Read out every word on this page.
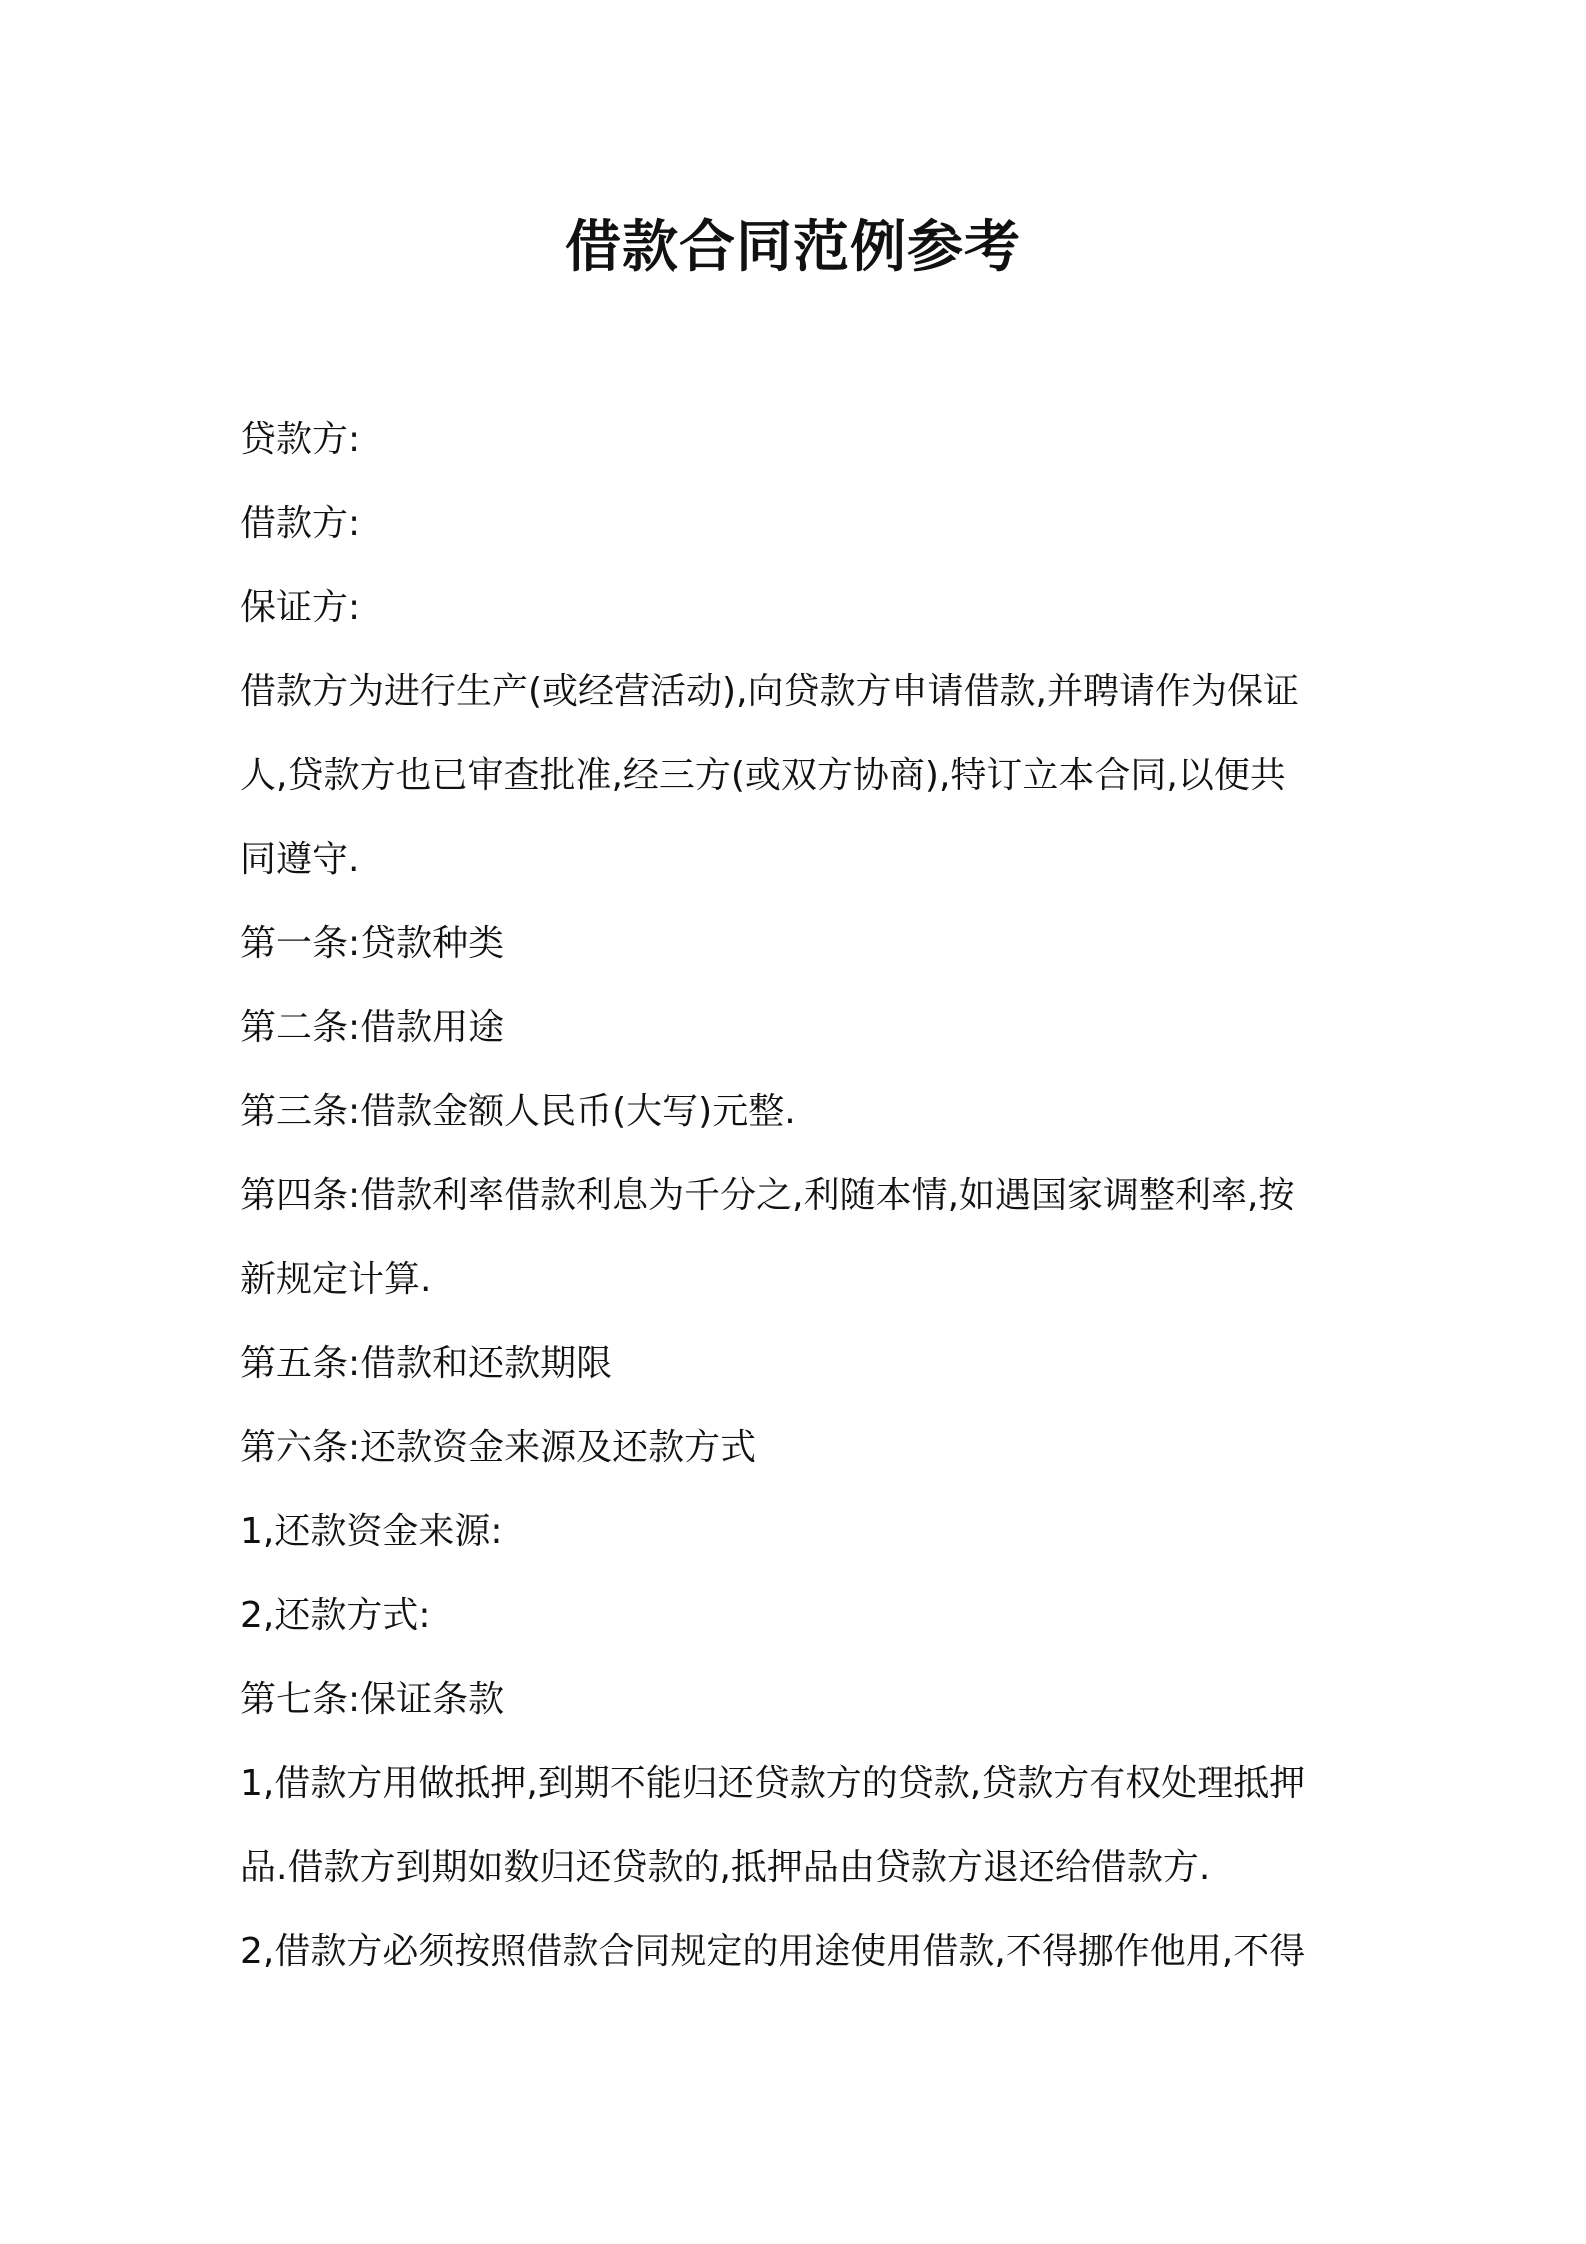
借款合同范例参考
贷款方:
借款方:
保证方:
借款方为进行生产(或经营活动),向贷款方申请借款,并聘请作为保证
人,贷款方也已审查批准,经三方(或双方协商),特订立本合同,以便共
同遵守.
第一条:贷款种类
第二条:借款用途
第三条:借款金额人民币(大写)元整.
第四条:借款利率借款利息为千分之,利随本情,如遇国家调整利率,按
新规定计算.
第五条:借款和还款期限
第六条:还款资金来源及还款方式
1,还款资金来源:
2,还款方式:
第七条:保证条款
1,借款方用做抵押,到期不能归还贷款方的贷款,贷款方有权处理抵押
品.借款方到期如数归还贷款的,抵押品由贷款方退还给借款方.
2,借款方必须按照借款合同规定的用途使用借款,不得挪作他用,不得
